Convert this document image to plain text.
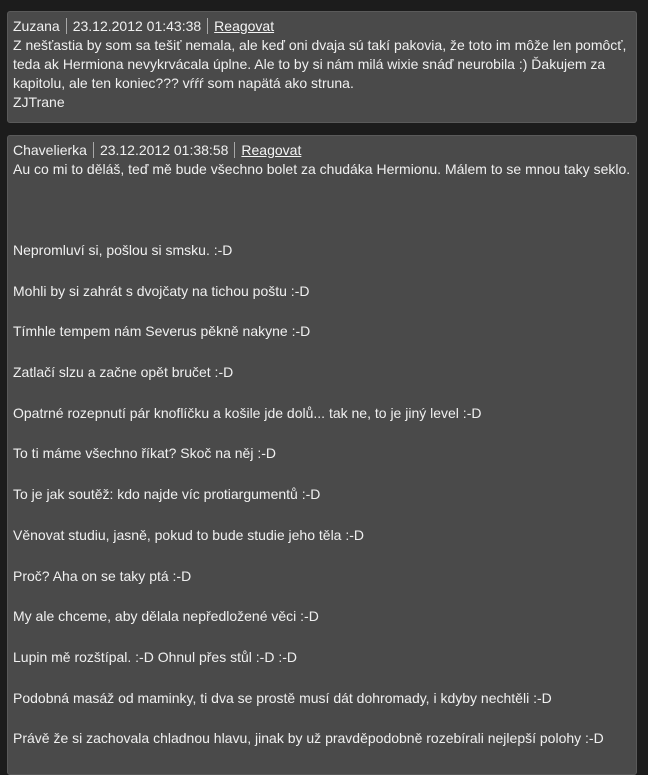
Zuzana 23.12.2012 01:43:38 Reagovat

Z nešťastia by som sa tešiť nemala, ale keď oni dvaja sú takí pakovia, že toto im môže len pomôcť,

teda ak Hermiona nevykrvácala úplne. Ale to by si nám milá wixie snáď neurobila :) Ďakujem za

kapitolu, ale ten koniec??? vŕŕŕ som napätá ako struna.

ZJTrane

Chavelierka 23.12.2012 01:38:58 Reagovat

Au co mi to děláš, teď mě bude všechno bolet za chudáka Hermionu. Málem to se mnou taky seklo.

Nepromluví si, pošlou si smsku. :-D

Mohli by si zahrát s dvojčaty na tichou poštu :-D

Tímhle tempem nám Severus pěkně nakyne :-D

Zatlačí slzu a začne opět bručet :-D

Opatrné rozepnutí pár knoflíčku a košile jde dolů... tak ne, to je jiný level :-D

To ti máme všechno říkat? Skoč na něj :-D

To je jak soutěž: kdo najde víc protiargumentů :-D

Věnovat studiu, jasně, pokud to bude studie jeho těla :-D

Proč? Aha on se taky ptá :-D

My ale chceme, aby dělala nepředložené věci :-D

Lupin mě rozštípal. :-D Ohnul přes stůl :-D :-D

Podobná masáž od maminky, ti dva se prostě musí dát dohromady, i kdyby nechtěli :-D

Právě že si zachovala chladnou hlavu, jinak by už pravděpodobně rozebírali nejlepší polohy :-D
